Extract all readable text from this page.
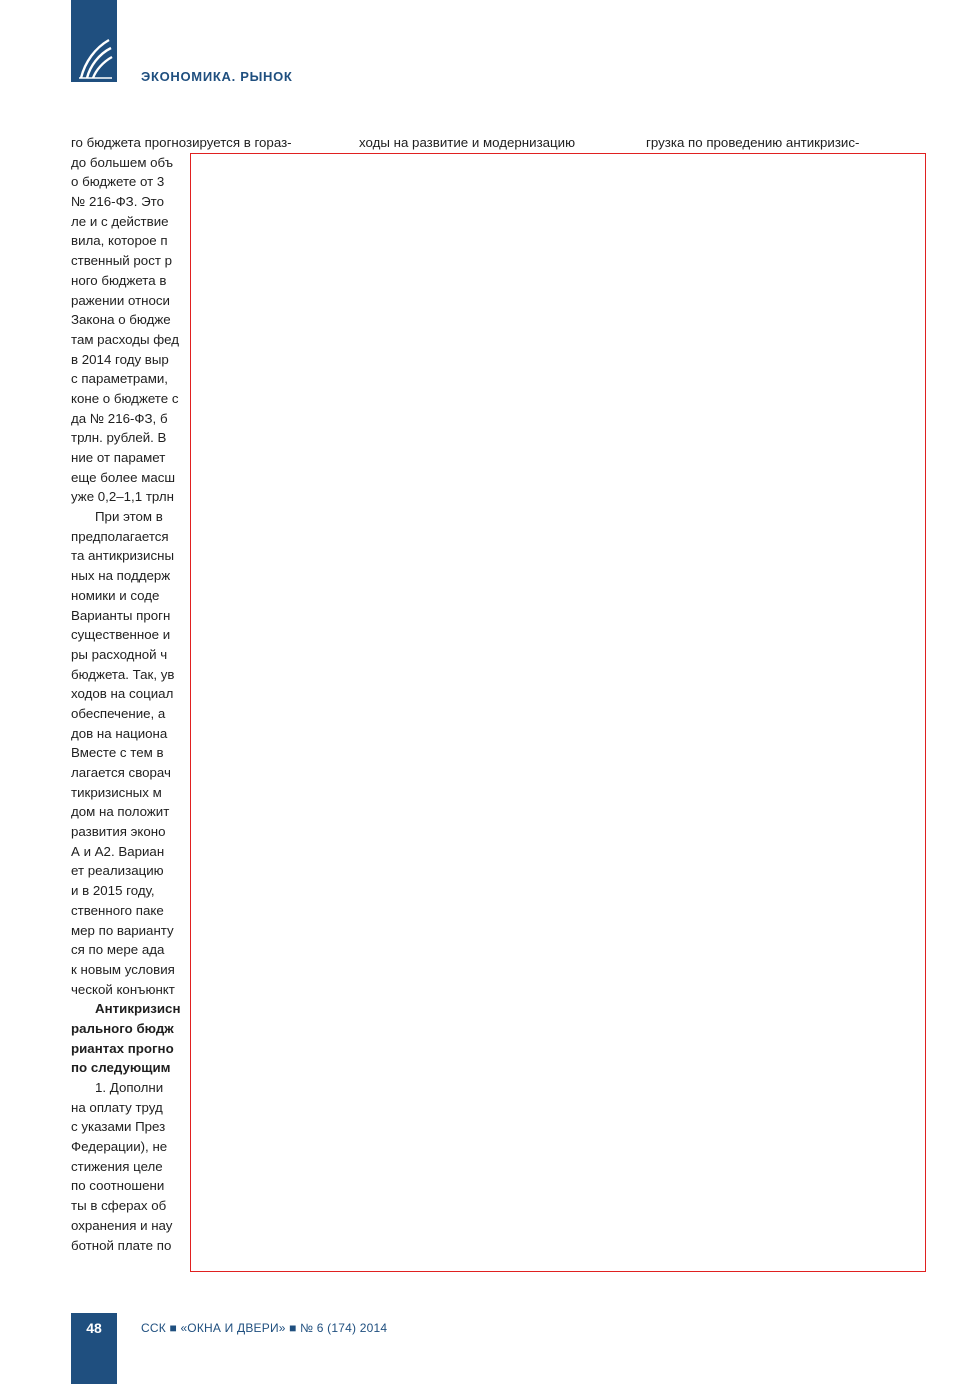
ЭКОНОМИКА. РЫНОК
го бюджета прогнозируется в гораз-
до большем объ
о бюджете от 3
№ 216-ФЗ. Это
ле и с действие
вила, которое п
ственный рост р
ного бюджета в
ражении относи
Закона о бюдже
там расходы фед
в 2014 году выр
с параметрами,
коне о бюджете с
да № 216-ФЗ, б
трлн. рублей. В
ние от парамет
еще более масш
уже 0,2–1,1 трлн
При этом в
предполагается
та антикризисны
ных на поддерж
номики и соде
Варианты прогн
существенное и
ры расходной ч
бюджета. Так, ув
ходов на социал
обеспечение, а
дов на национа
Вместе с тем в
лагается сворач
тикризисных м
дом на положит
развития эконо
А и А2. Вариан
ет реализацию
и в 2015 году,
ственного паке
мер по варианту
ся по мере ада
к новым условия
ческой конъюнкт
Антикризисн
рального бюдж
риантах прогно
по следующим
1. Дополни
на оплату труд
с указами През
Федерации), не
стижения целе
по соотношени
ты в сферах об
охранения и нау
ботной плате по
ходы на развитие и модернизацию	грузка по проведению антикризис-
48	ССК ■ «ОКНА И ДВЕРИ» ■ № 6 (174) 2014
